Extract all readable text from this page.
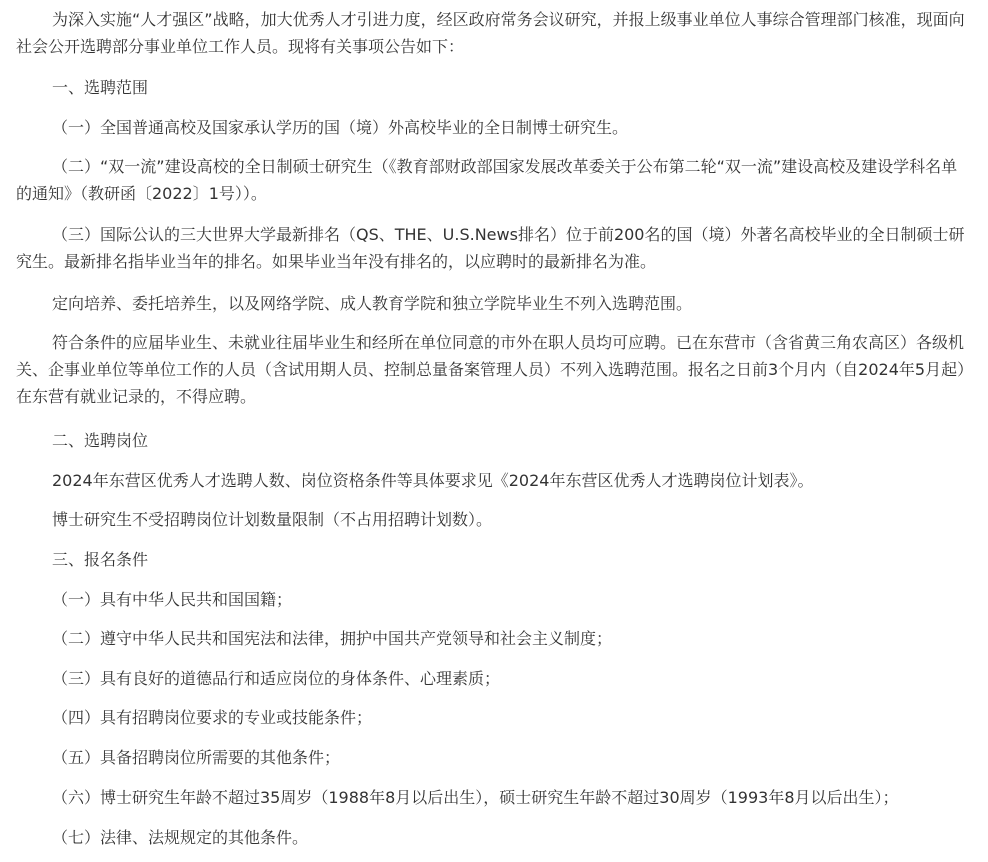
为深入实施“人才强区”战略，加大优秀人才引进力度，经区政府常务会议研究，并报上级事业单位人事综合管理部门核准，现面向社会公开选聘部分事业单位工作人员。现将有关事项公告如下：

一、选聘范围

（一）全国普通高校及国家承认学历的国（境）外高校毕业的全日制博士研究生。

（二）“双一流”建设高校的全日制硕士研究生（《教育部财政部国家发展改革委关于公布第二轮“双一流”建设高校及建设学科名单的通知》（教研函〔2022〕1号））。

（三）国际公认的三大世界大学最新排名（QS、THE、U.S.News排名）位于前200名的国（境）外著名高校毕业的全日制硕士研究生。最新排名指毕业当年的排名。如果毕业当年没有排名的，以应聘时的最新排名为准。

定向培养、委托培养生，以及网络学院、成人教育学院和独立学院毕业生不列入选聘范围。

符合条件的应届毕业生、未就业往届毕业生和经所在单位同意的市外在职人员均可应聘。已在东营市（含省黄三角农高区）各级机关、企事业单位等单位工作的人员（含试用期人员、控制总量备案管理人员）不列入选聘范围。报名之日前3个月内（自2024年5月起）在东营有就业记录的，不得应聘。

二、选聘岗位

2024年东营区优秀人才选聘人数、岗位资格条件等具体要求见《2024年东营区优秀人才选聘岗位计划表》。

博士研究生不受招聘岗位计划数量限制（不占用招聘计划数）。

三、报名条件

（一）具有中华人民共和国国籍；

（二）遵守中华人民共和国宪法和法律，拥护中国共产党领导和社会主义制度；

（三）具有良好的道德品行和适应岗位的身体条件、心理素质；

（四）具有招聘岗位要求的专业或技能条件；

（五）具备招聘岗位所需要的其他条件；

（六）博士研究生年龄不超过35周岁（1988年8月以后出生），硕士研究生年龄不超过30周岁（1993年8月以后出生）；

（七）法律、法规规定的其他条件。
